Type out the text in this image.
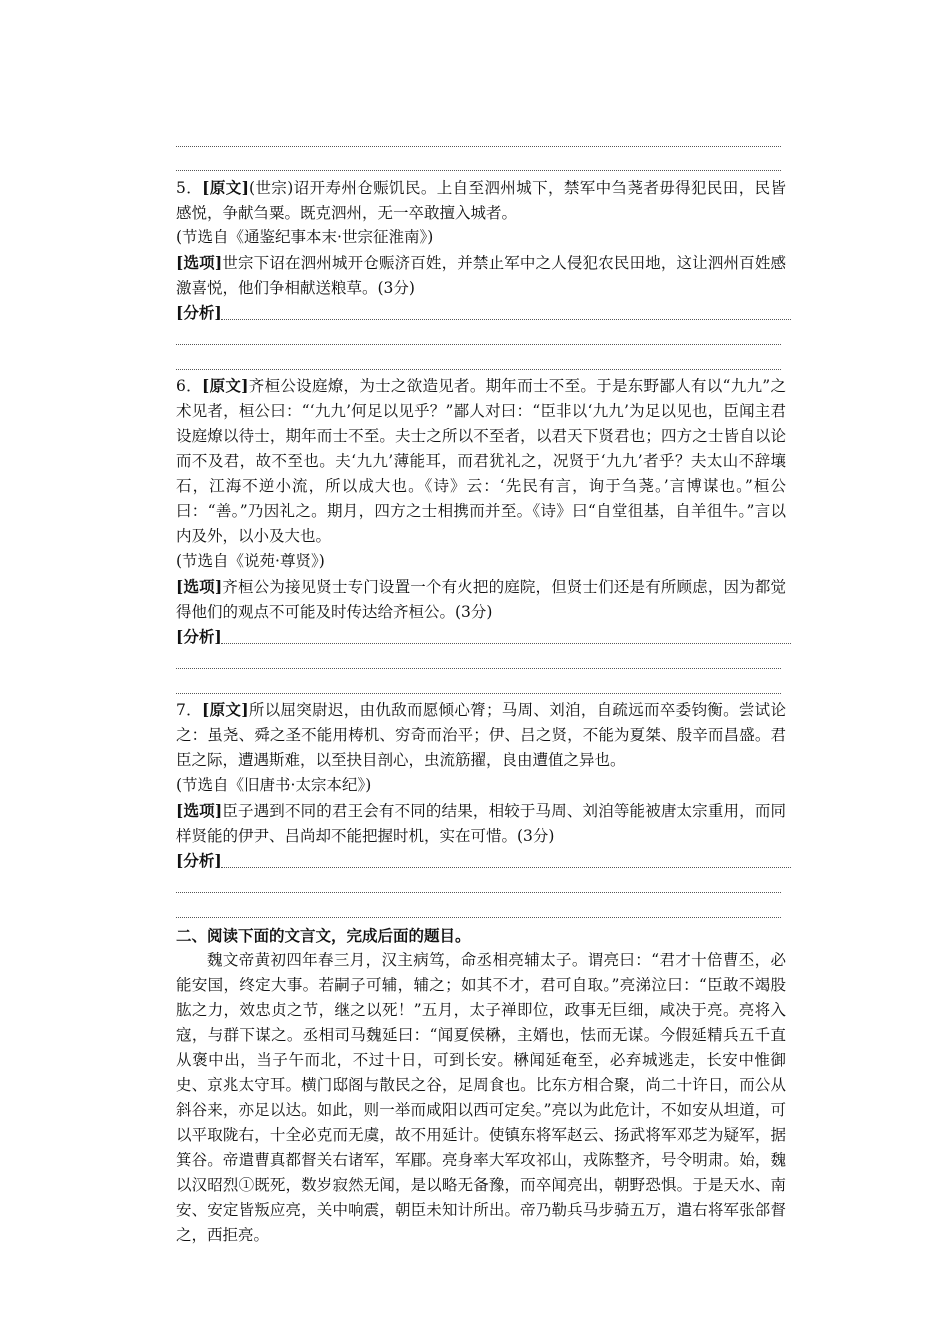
5．[原文](世宗)诏开寿州仓赈饥民。上自至泗州城下，禁军中刍荛者毋得犯民田，民皆感悦，争献刍粟。既克泗州，无一卒敢擅入城者。

(节选自《通鉴纪事本末·世宗征淮南》)

[选项]世宗下诏在泗州城开仓赈济百姓，并禁止军中之人侵犯农民田地，这让泗州百姓感激喜悦，他们争相献送粮草。(3分)

[分析]

6．[原文]齐桓公设庭燎，为士之欲造见者。期年而士不至。于是东野鄙人有以“九九”之术见者，桓公曰：“‘九九’何足以见乎？”鄙人对曰：“臣非以‘九九’为足以见也，臣闻主君设庭燎以待士，期年而士不至。夫士之所以不至者，以君天下贤君也；四方之士皆自以论而不及君，故不至也。夫‘九九’薄能耳，而君犹礼之，况贤于‘九九’者乎？夫太山不辞壤石，江海不逆小流，所以成大也。《诗》云：‘先民有言，询于刍荛。’言博谋也。”桓公曰：“善。”乃因礼之。期月，四方之士相携而并至。《诗》曰“自堂徂基，自羊徂牛。”言以内及外，以小及大也。

(节选自《说苑·尊贤》)

[选项]齐桓公为接见贤士专门设置一个有火把的庭院，但贤士们还是有所顾虑，因为都觉得他们的观点不可能及时传达给齐桓公。(3分)

[分析]

7．[原文]所以屈突尉迟，由仇敌而愿倾心膂；马周、刘洎，自疏远而卒委钧衡。尝试论之：虽尧、舜之圣不能用梼机、穷奇而治平；伊、吕之贤，不能为夏桀、殷辛而昌盛。君臣之际，遭遇斯难，以至抉目剖心，虫流筋擢，良由遭值之异也。

(节选自《旧唐书·太宗本纪》)

[选项]臣子遇到不同的君王会有不同的结果，相较于马周、刘洎等能被唐太宗重用，而同样贤能的伊尹、吕尚却不能把握时机，实在可惜。(3分)

[分析]

二、阅读下面的文言文，完成后面的题目。

魏文帝黄初四年春三月，汉主病笃，命丞相亮辅太子。谓亮曰：“君才十倍曹丕，必能安国，终定大事。若嗣子可辅，辅之；如其不才，君可自取。”亮涕泣曰：“臣敢不竭股肱之力，效忠贞之节，继之以死！”五月，太子禅即位，政事无巨细，咸决于亮。亮将入寇，与群下谋之。丞相司马魏延曰：“闻夏侯楙，主婿也，怯而无谋。今假延精兵五千直从褒中出，当子午而北，不过十日，可到长安。楙闻延奄至，必弃城逃走，长安中惟御史、京兆太守耳。横门邸阁与散民之谷，足周食也。比东方相合聚，尚二十许日，而公从斜谷来，亦足以达。如此，则一举而咸阳以西可定矣。”亮以为此危计，不如安从坦道，可以平取陇右，十全必克而无虞，故不用延计。使镇东将军赵云、扬武将军邓芝为疑军，据箕谷。帝遣曹真都督关右诸军，军郿。亮身率大军攻祁山，戎陈整齐，号令明肃。始，魏以汉昭烈①既死，数岁寂然无闻，是以略无备豫，而卒闻亮出，朝野恐惧。于是天水、南安、安定皆叛应亮，关中响震，朝臣未知计所出。帝乃勒兵马步骑五万，遣右将军张郃督之，西拒亮。
